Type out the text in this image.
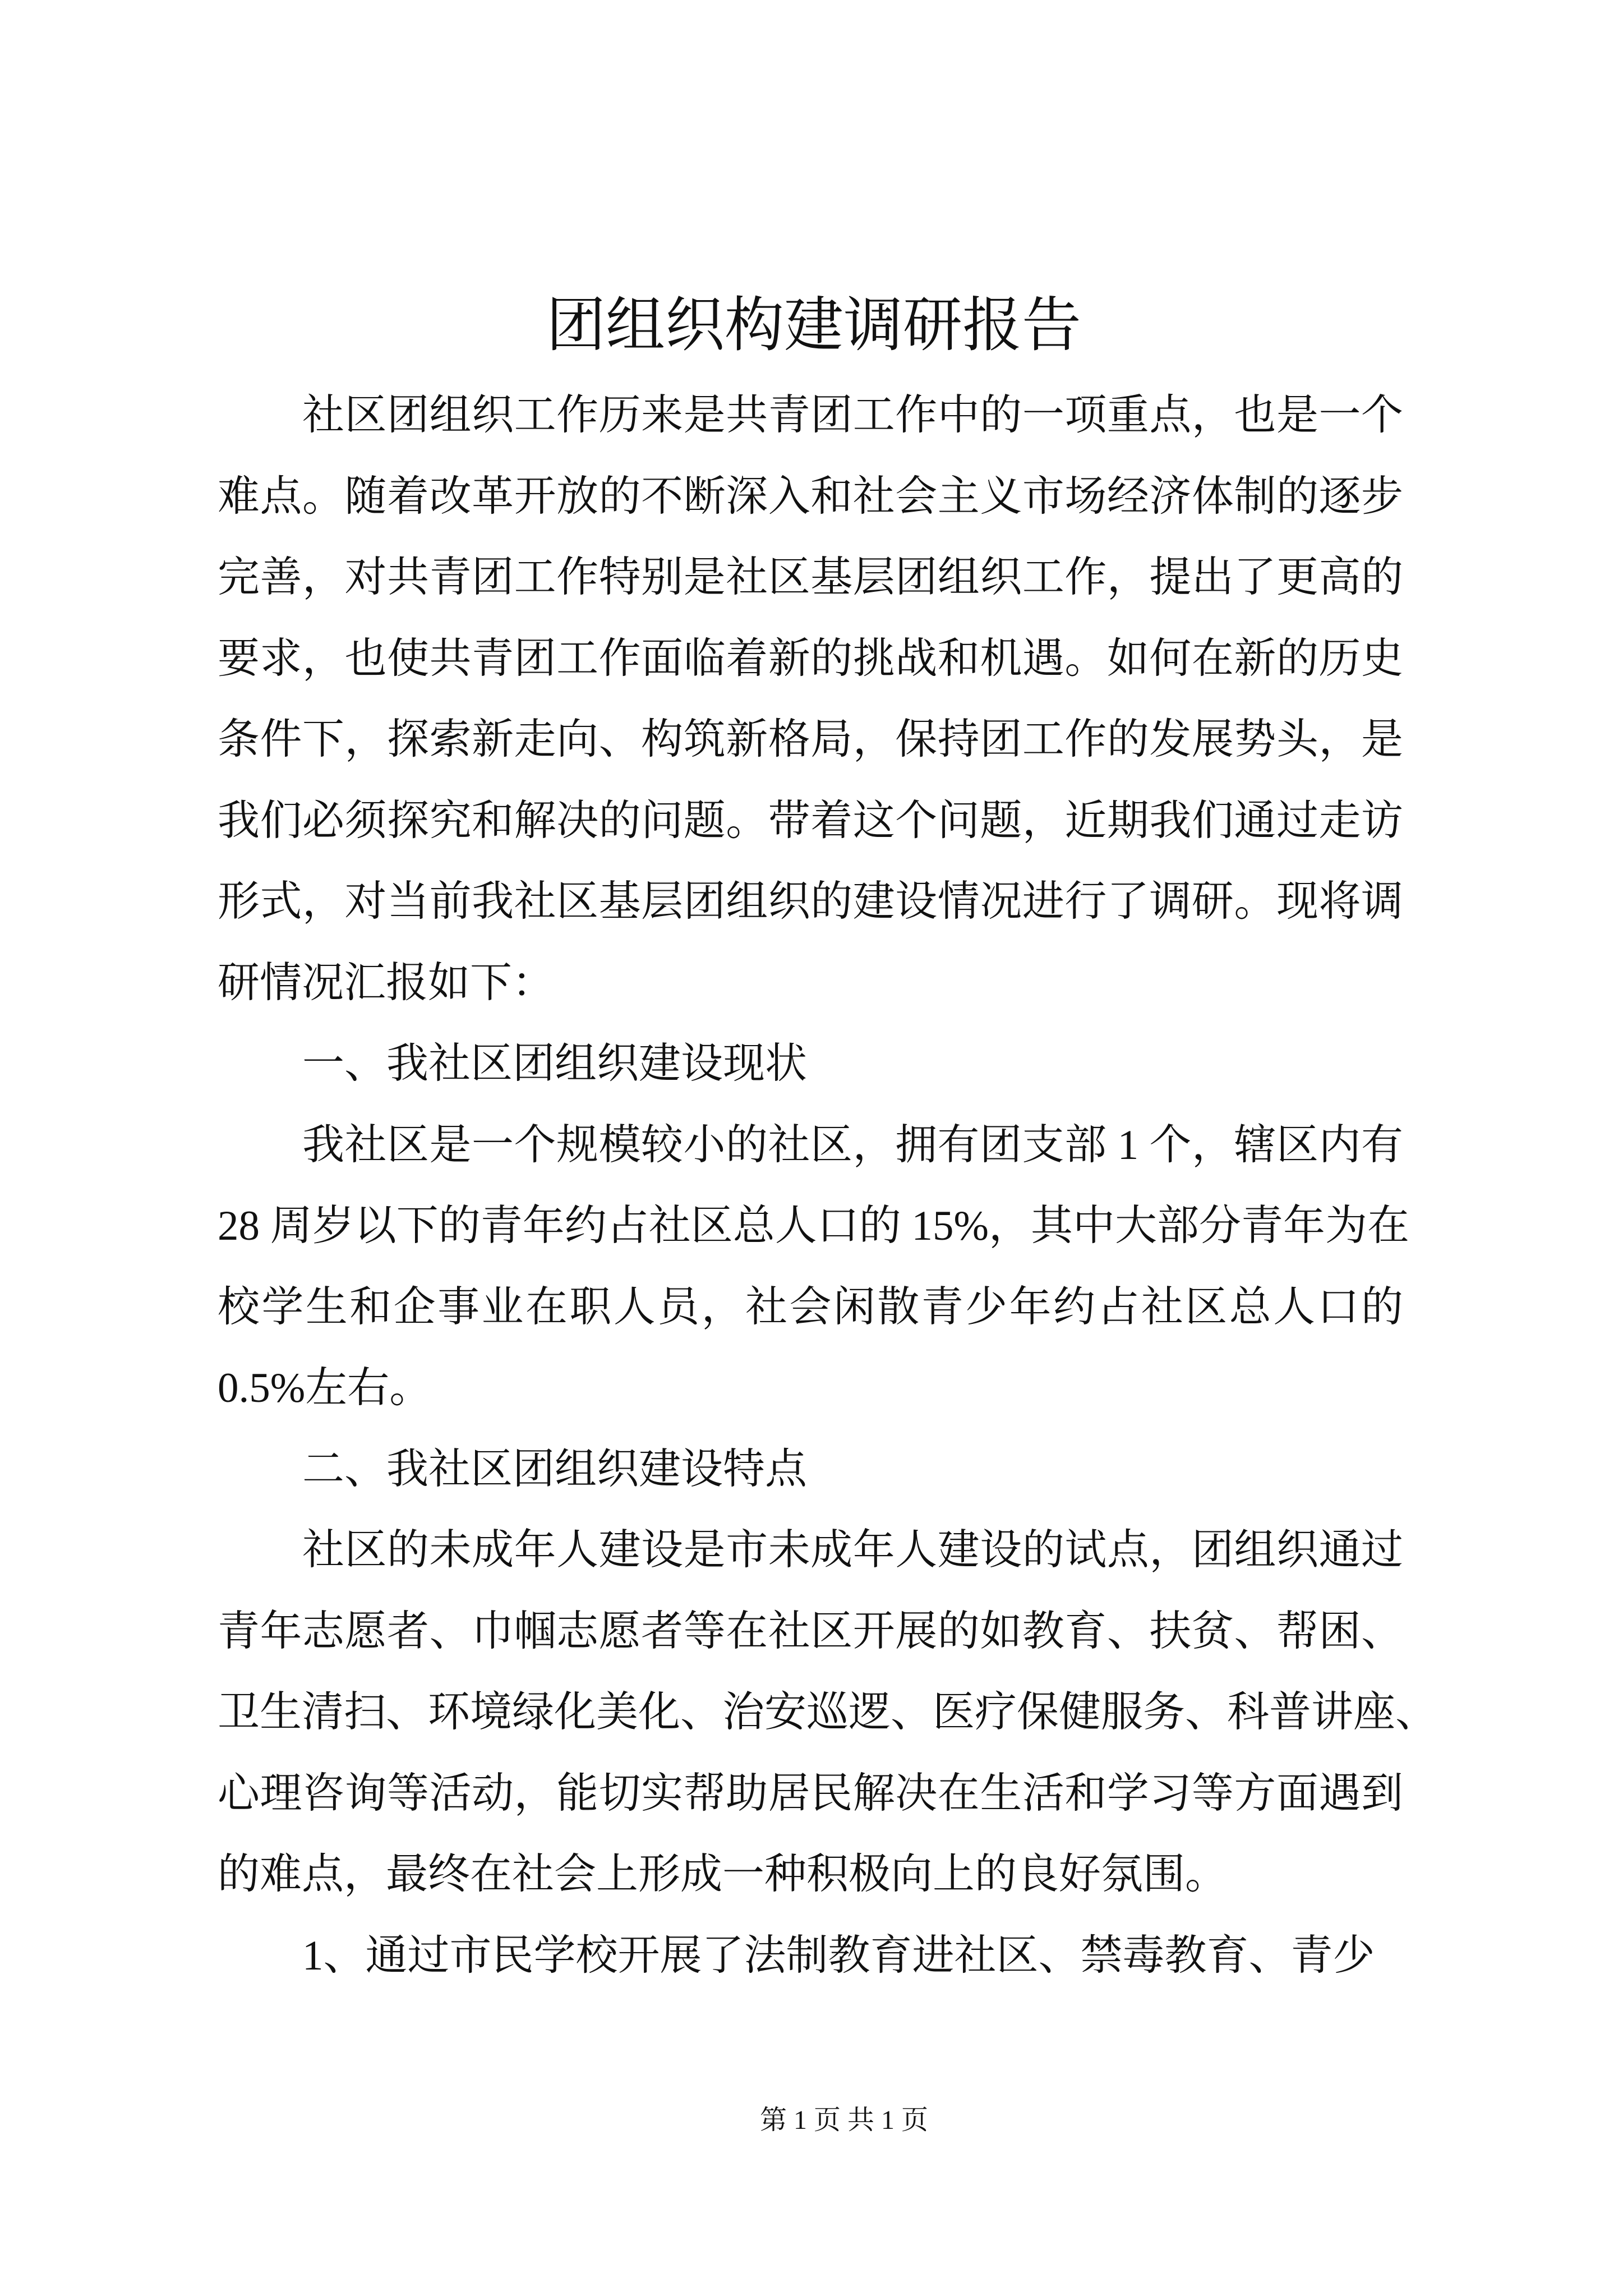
团组织构建调研报告
社区团组织工作历来是共青团工作中的一项重点，也是一个
难点。随着改革开放的不断深入和社会主义市场经济体制的逐步
完善，对共青团工作特别是社区基层团组织工作，提出了更高的
要求，也使共青团工作面临着新的挑战和机遇。如何在新的历史
条件下，探索新走向、构筑新格局，保持团工作的发展势头，是
我们必须探究和解决的问题。带着这个问题，近期我们通过走访
形式，对当前我社区基层团组织的建设情况进行了调研。现将调
研情况汇报如下：
一、我社区团组织建设现状
我社区是一个规模较小的社区，拥有团支部 1 个，辖区内有
28 周岁以下的青年约占社区总人口的 15%，其中大部分青年为在
校学生和企事业在职人员，社会闲散青少年约占社区总人口的
0.5%左右。
二、我社区团组织建设特点
社区的未成年人建设是市未成年人建设的试点，团组织通过
青年志愿者、巾帼志愿者等在社区开展的如教育、扶贫、帮困、
卫生清扫、环境绿化美化、治安巡逻、医疗保健服务、科普讲座、
心理咨询等活动，能切实帮助居民解决在生活和学习等方面遇到
的难点，最终在社会上形成一种积极向上的良好氛围。
1、通过市民学校开展了法制教育进社区、禁毒教育、青少
第 1 页 共 1 页
